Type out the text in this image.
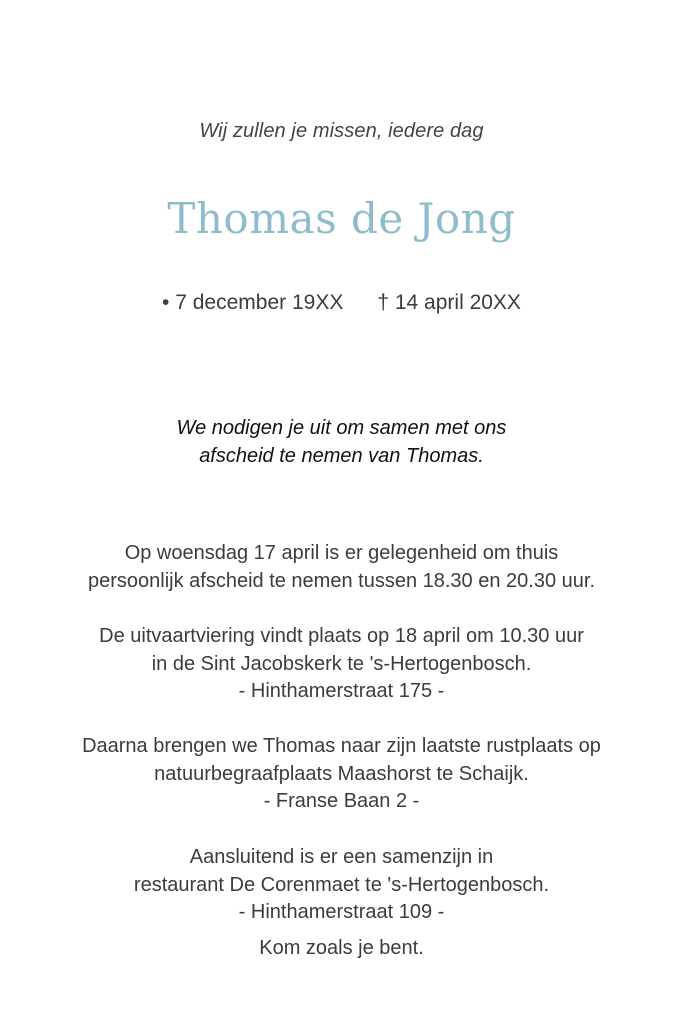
Wij zullen je missen, iedere dag
Thomas de Jong
• 7 december 19XX † 14 april 20XX
We nodigen je uit om samen met ons
afscheid te nemen van Thomas.
Op woensdag 17 april is er gelegenheid om thuis
persoonlijk afscheid te nemen tussen 18.30 en 20.30 uur.
De uitvaartviering vindt plaats op 18 april om 10.30 uur
in de Sint Jacobskerk te 's-Hertogenbosch.
- Hinthamerstraat 175 -
Daarna brengen we Thomas naar zijn laatste rustplaats op
natuurbegraafplaats Maashorst te Schaijk.
- Franse Baan 2 -
Aansluitend is er een samenzijn in
restaurant De Corenmaet te 's-Hertogenbosch.
- Hinthamerstraat 109 -
Kom zoals je bent.
